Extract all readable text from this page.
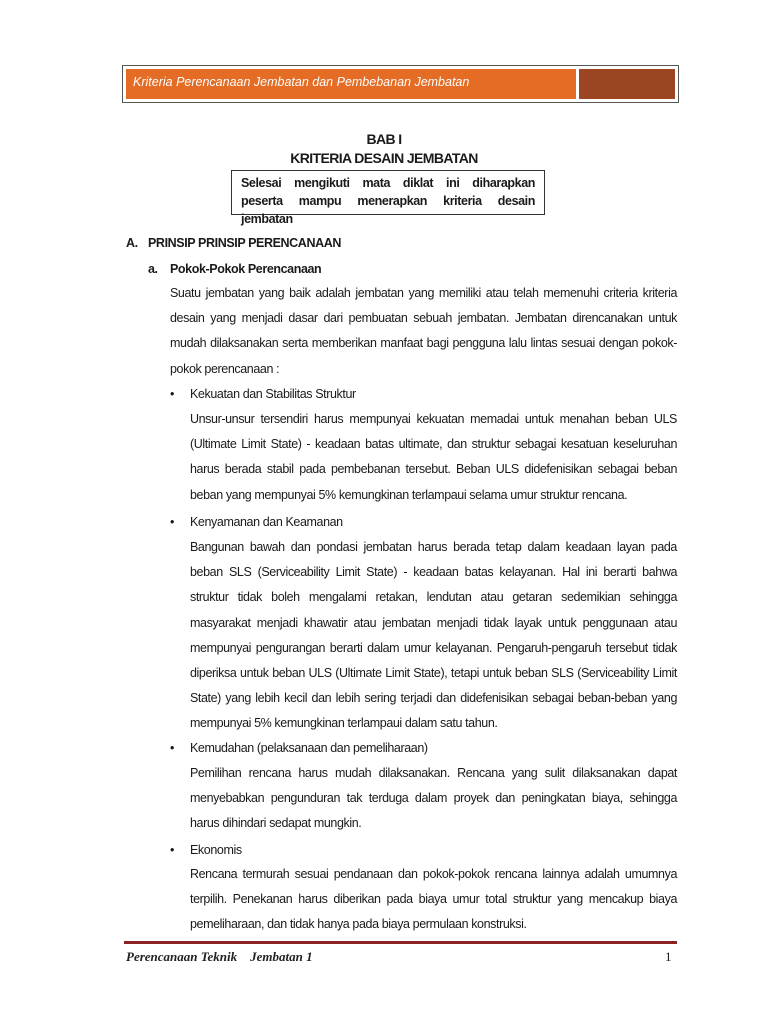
Kriteria Perencanaan Jembatan dan Pembebanan Jembatan
BAB I
KRITERIA DESAIN JEMBATAN
Selesai mengikuti mata diklat ini diharapkan
peserta mampu menerapkan kriteria desain jembatan
A. PRINSIP PRINSIP PERENCANAAN
a. Pokok-Pokok Perencanaan

Suatu jembatan yang baik adalah jembatan yang memiliki atau telah memenuhi criteria kriteria desain yang menjadi dasar dari pembuatan sebuah jembatan. Jembatan direncanakan untuk mudah dilaksanakan serta memberikan manfaat bagi pengguna lalu lintas sesuai dengan pokok-pokok perencanaan :

• Kekuatan dan Stabilitas Struktur

Unsur-unsur tersendiri harus mempunyai kekuatan memadai untuk menahan beban ULS (Ultimate Limit State) - keadaan batas ultimate, dan struktur sebagai kesatuan keseluruhan harus berada stabil pada pembebanan tersebut. Beban ULS didefenisikan sebagai beban beban yang mempunyai 5% kemungkinan terlampaui selama umur struktur rencana.

• Kenyamanan dan Keamanan

Bangunan bawah dan pondasi jembatan harus berada tetap dalam keadaan layan pada beban SLS (Serviceability Limit State) - keadaan batas kelayanan. Hal ini berarti bahwa struktur tidak boleh mengalami retakan, lendutan atau getaran sedemikian sehingga masyarakat menjadi khawatir atau jembatan menjadi tidak layak untuk penggunaan atau mempunyai pengurangan berarti dalam umur kelayanan. Pengaruh-pengaruh tersebut tidak diperiksa untuk beban ULS (Ultimate Limit State), tetapi untuk beban SLS (Serviceability Limit State) yang lebih kecil dan lebih sering terjadi dan didefenisikan sebagai beban-beban yang mempunyai 5% kemungkinan terlampaui dalam satu tahun.

• Kemudahan (pelaksanaan dan pemeliharaan)

Pemilihan rencana harus mudah dilaksanakan. Rencana yang sulit dilaksanakan dapat menyebabkan pengunduran tak terduga dalam proyek dan peningkatan biaya, sehingga harus dihindari sedapat mungkin.

• Ekonomis

Rencana termurah sesuai pendanaan dan pokok-pokok rencana lainnya adalah umumnya terpilih. Penekanan harus diberikan pada biaya umur total struktur yang mencakup biaya pemeliharaan, dan tidak hanya pada biaya permulaan konstruksi.

Perencanaan Teknik    Jembatan 1	1
